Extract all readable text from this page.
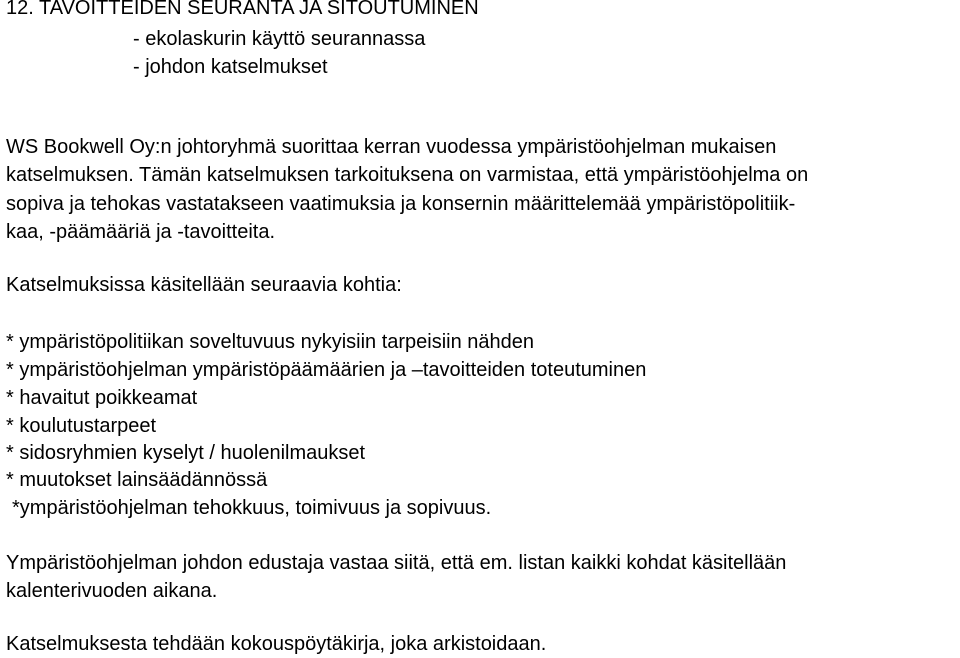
12. TAVOITTEIDEN SEURANTA JA SITOUTUMINEN
- ekolaskurin käyttö seurannassa
- johdon katselmukset
WS Bookwell Oy:n johtoryhmä suorittaa kerran vuodessa ympäristöohjelman mukaisen
katselmuksen. Tämän katselmuksen tarkoituksena on varmistaa, että ympäristöohjelma on
sopiva ja tehokas vastatakseen vaatimuksia ja konsernin määrittelemää ympäristöpolitiik-
kaa, -päämääriä ja -tavoitteita.
Katselmuksissa käsitellään seuraavia kohtia:
* ympäristöpolitiikan soveltuvuus nykyisiin tarpeisiin nähden
* ympäristöohjelman ympäristöpäämäärien ja –tavoitteiden toteutuminen
* havaitut poikkeamat
* koulutustarpeet
* sidosryhmien kyselyt / huolenilmaukset
* muutokset lainsäädännössä
*ympäristöohjelman tehokkuus, toimivuus ja sopivuus.
Ympäristöohjelman johdon edustaja vastaa siitä, että em. listan kaikki kohdat käsitellään
kalenterivuoden aikana.
Katselmuksesta tehdään kokouspöytäkirja, joka arkistoidaan.
